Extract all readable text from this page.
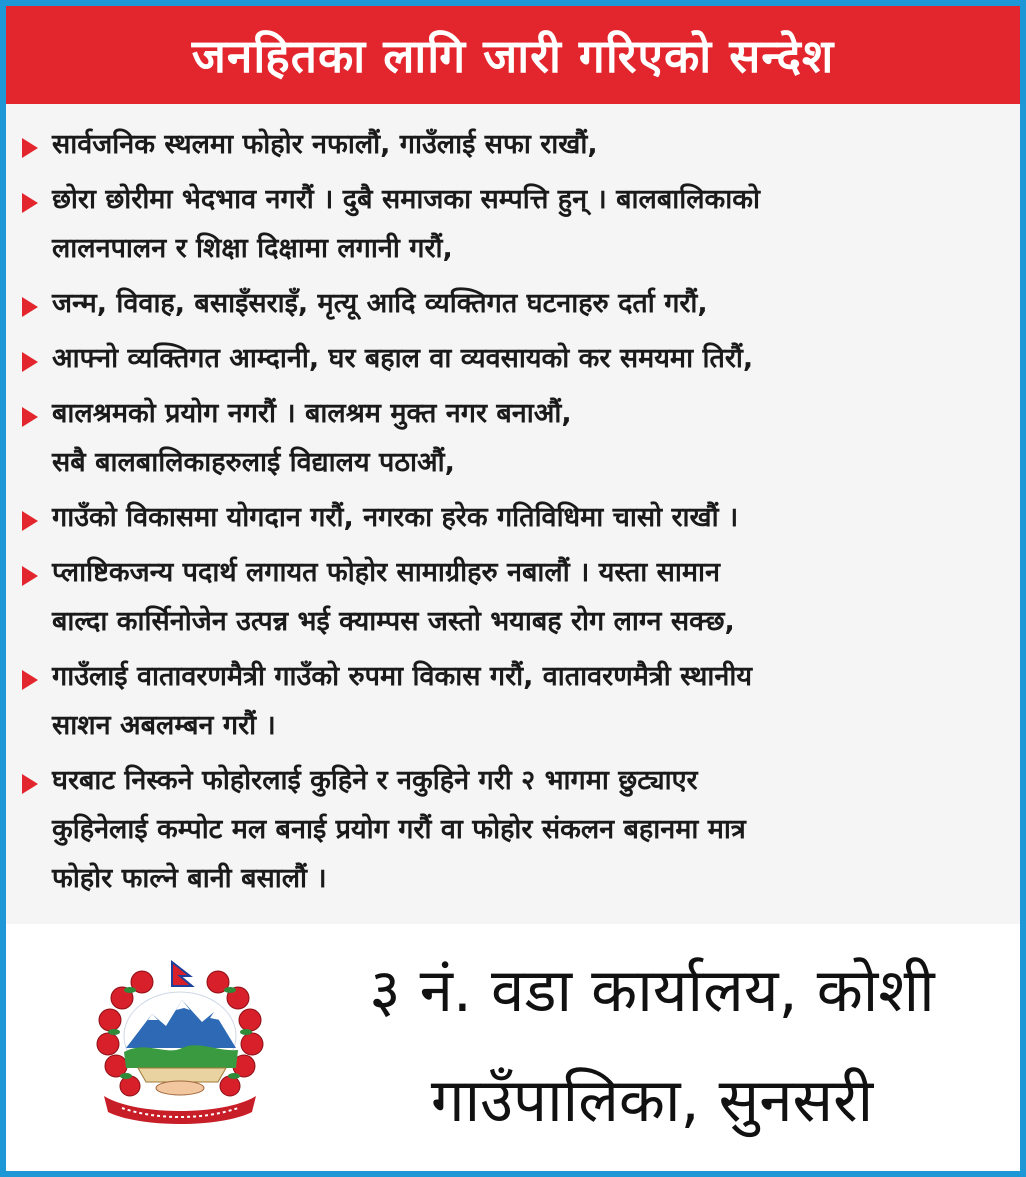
जनहितका लागि जारी गरिएको सन्देश
सार्वजनिक स्थलमा फोहोर नफालौं, गाउँलाई सफा राखौं,
छोरा छोरीमा भेदभाव नगरौं । दुबै समाजका सम्पत्ति हुन् । बालबालिकाको
लालनपालन र शिक्षा दिक्षामा लगानी गरौं,
जन्म, विवाह, बसाइँसराइँ, मृत्यू आदि व्यक्तिगत घटनाहरु दर्ता गरौं,
आफ्नो व्यक्तिगत आम्दानी, घर बहाल वा व्यवसायको कर समयमा तिरौं,
बालश्रमको प्रयोग नगरौं । बालश्रम मुक्त नगर बनाऔं,
सबै बालबालिकाहरुलाई विद्यालय पठाऔं,
गाउँको विकासमा योगदान गरौं, नगरका हरेक गतिविधिमा चासो राखौं ।
प्लाष्टिकजन्य पदार्थ लगायत फोहोर सामाग्रीहरु नबालौं । यस्ता सामान
बाल्दा कार्सिनोजेन उत्पन्न भई क्याम्पस जस्तो भयाबह रोग लाग्न सक्छ,
गाउँलाई वातावरणमैत्री गाउँको रुपमा विकास गरौं, वातावरणमैत्री स्थानीय
साशन अबलम्बन गरौं ।
घरबाट निस्कने फोहोरलाई कुहिने र नकुहिने गरी २ भागमा छुट्याएर
कुहिनेलाई कम्पोट मल बनाई प्रयोग गरौं वा फोहोर संकलन बहानमा मात्र
फोहोर फाल्ने बानी बसालौं ।
३ नं. वडा कार्यालय, कोशी
गाउँपालिका, सुनसरी
